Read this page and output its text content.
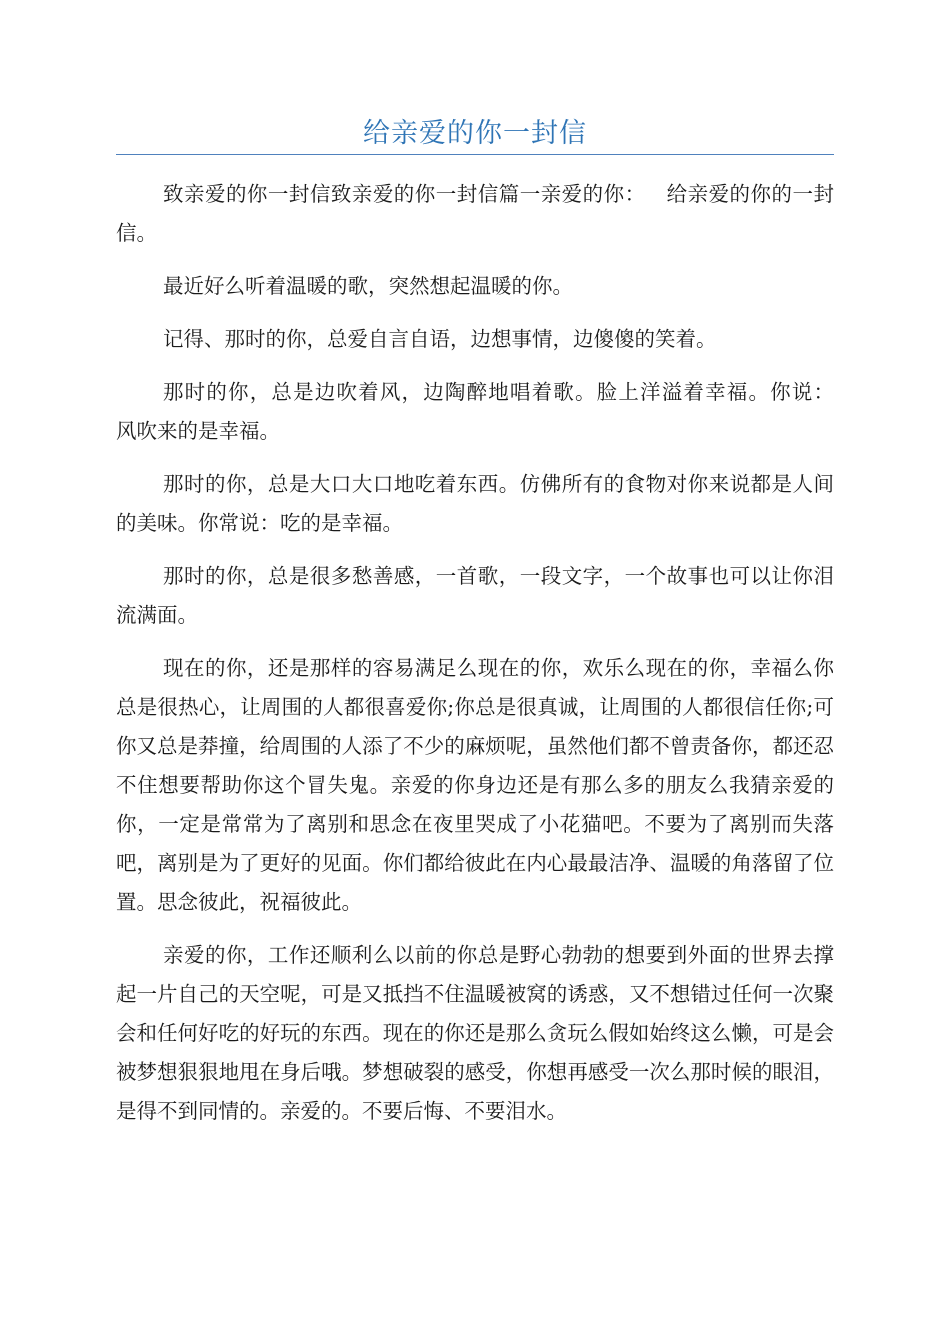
给亲爱的你一封信

致亲爱的你一封信致亲爱的你一封信篇一亲爱的你：   给亲爱的你的一封信。

最近好么听着温暖的歌，突然想起温暖的你。

记得、那时的你，总爱自言自语，边想事情，边傻傻的笑着。

那时的你，总是边吹着风，边陶醉地唱着歌。脸上洋溢着幸福。你说：   风吹来的是幸福。

那时的你，总是大口大口地吃着东西。仿佛所有的食物对你来说都是人间的美味。你常说：吃的是幸福。

那时的你，总是很多愁善感，一首歌，一段文字，一个故事也可以让你泪流满面。

现在的你，还是那样的容易满足么现在的你，欢乐么现在的你，幸福么你总是很热心，让周围的人都很喜爱你;你总是很真诚，让周围的人都很信任你;可你又总是莽撞，给周围的人添了不少的麻烦呢，虽然他们都不曾责备你，都还忍不住想要帮助你这个冒失鬼。亲爱的你身边还是有那么多的朋友么我猜亲爱的你，一定是常常为了离别和思念在夜里哭成了小花猫吧。不要为了离别而失落吧，离别是为了更好的见面。你们都给彼此在内心最最洁净、温暖的角落留了位置。思念彼此，祝福彼此。

亲爱的你，工作还顺利么以前的你总是野心勃勃的想要到外面的世界去撑起一片自己的天空呢，可是又抵挡不住温暖被窝的诱惑，又不想错过任何一次聚会和任何好吃的好玩的东西。现在的你还是那么贪玩么假如始终这么懒，可是会被梦想狠狠地甩在身后哦。梦想破裂的感受，你想再感受一次么那时候的眼泪，是得不到同情的。亲爱的。不要后悔、不要泪水。
